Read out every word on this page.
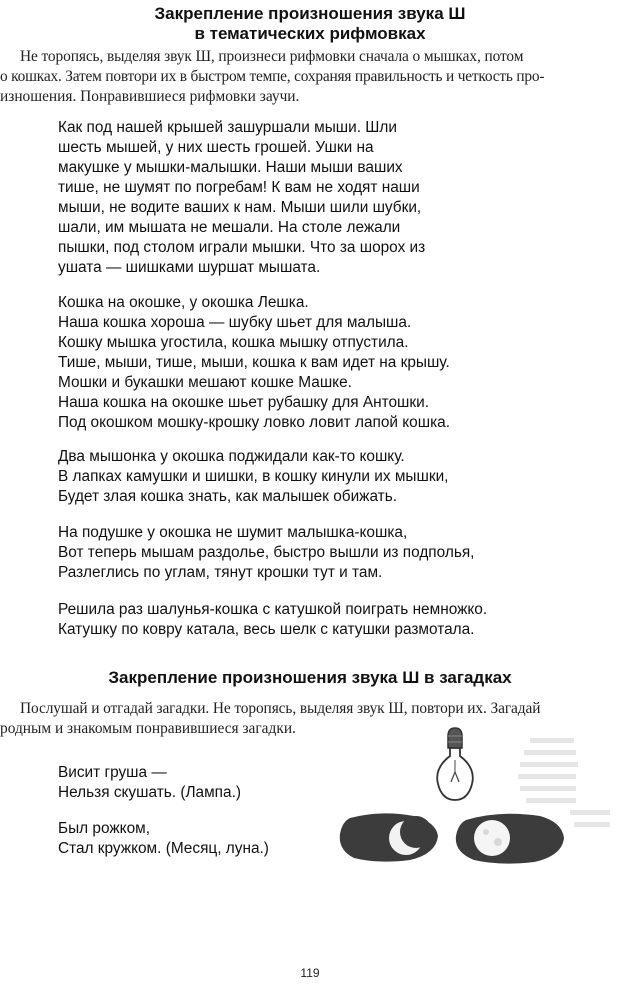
Закрепление произношения звука Ш
в тематических рифмовках
Не торопясь, выделяя звук Ш, произнеси рифмовки сначала о мышках, потом
о кошках. Затем повтори их в быстром темпе, сохраняя правильность и четкость про-
изношения. Понравившиеся рифмовки заучи.
Как под нашей крышей зашуршали мыши. Шли
шесть мышей, у них шесть грошей. Ушки на
макушке у мышки-малышки. Наши мыши ваших
тише, не шумят по погребам! К вам не ходят наши
мыши, не водите ваших к нам. Мыши шили шубки,
шали, им мышата не мешали. На столе лежали
пышки, под столом играли мышки. Что за шорох из
ушата — шишками шуршат мышата.
Кошка на окошке, у окошка Лешка.
Наша кошка хороша — шубку шьет для малыша.
Кошку мышка угостила, кошка мышку отпустила.
Тише, мыши, тише, мыши, кошка к вам идет на крышу.
Мошки и букашки мешают кошке Машке.
Наша кошка на окошке шьет рубашку для Антошки.
Под окошком мошку-крошку ловко ловит лапой кошка.
Два мышонка у окошка поджидали как-то кошку.
В лапках камушки и шишки, в кошку кинули их мышки,
Будет злая кошка знать, как малышек обижать.
На подушке у окошка не шумит малышка-кошка,
Вот теперь мышам раздолье, быстро вышли из подполья,
Разлеглись по углам, тянут крошки тут и там.
Решила раз шалунья-кошка с катушкой поиграть немножко.
Катушку по ковру катала, весь шелк с катушки размотала.
Закрепление произношения звука Ш в загадках
Послушай и отгадай загадки. Не торопясь, выделяя звук Ш, повтори их. Загадай
родным и знакомым понравившиеся загадки.
Висит груша —
Нельзя скушать. (Лампа.)
Был рожком,
Стал кружком. (Месяц, луна.)
119
